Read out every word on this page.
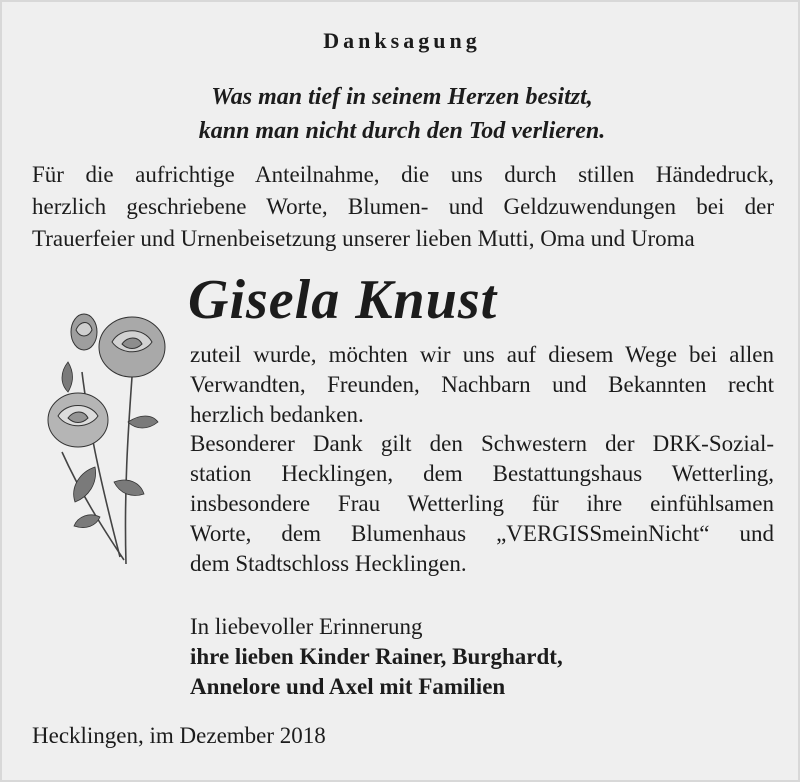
Danksagung
Was man tief in seinem Herzen besitzt,
kann man nicht durch den Tod verlieren.
Für die aufrichtige Anteilnahme, die uns durch stillen Händedruck,
herzlich geschriebene Worte, Blumen- und Geldzuwendungen bei der
Trauerfeier und Urnenbeisetzung unserer lieben Mutti, Oma und Uroma
Gisela Knust
zuteil wurde, möchten wir uns auf diesem Wege bei allen
Verwandten, Freunden, Nachbarn und Bekannten recht
herzlich bedanken.
Besonderer Dank gilt den Schwestern der DRK-Sozial-
station Hecklingen, dem Bestattungshaus Wetterling,
insbesondere Frau Wetterling für ihre einfühlsamen
Worte, dem Blumenhaus „VERGISSmeinNicht“ und
dem Stadtschloss Hecklingen.
In liebevoller Erinnerung
ihre lieben Kinder Rainer, Burghardt,
Annelore und Axel mit Familien
Hecklingen, im Dezember 2018
